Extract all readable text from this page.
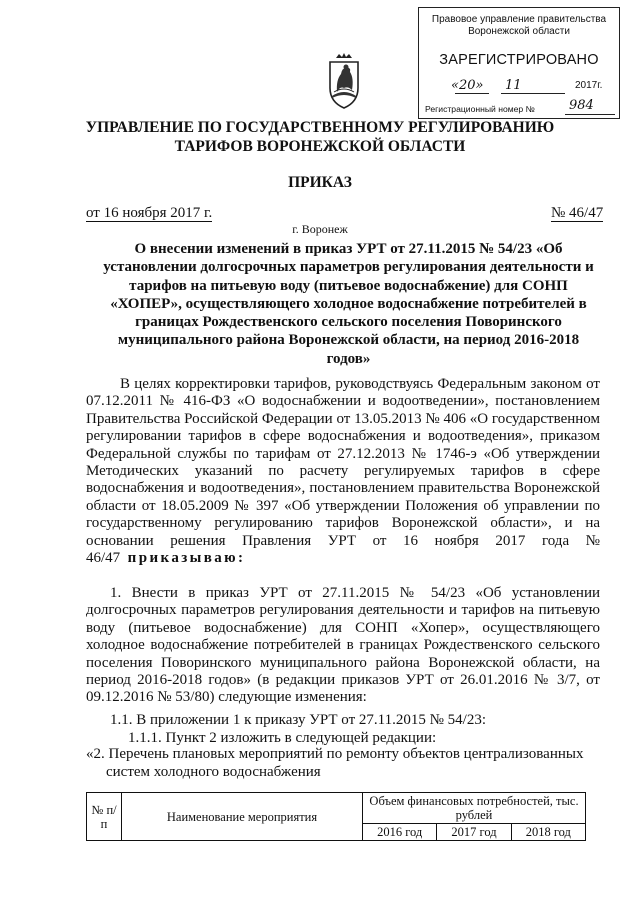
Правовое управление правительства
Воронежской области
ЗАРЕГИСТРИРОВАНО
«20» 11	2017г.
Регистрационный номер №	984
УПРАВЛЕНИЕ ПО ГОСУДАРСТВЕННОМУ РЕГУЛИРОВАНИЮ
ТАРИФОВ ВОРОНЕЖСКОЙ ОБЛАСТИ
ПРИКАЗ
от 16 ноября 2017 г.	№ 46/47
г. Воронеж
О внесении изменений в приказ УРТ от 27.11.2015 № 54/23 «Об установлении долгосрочных параметров регулирования деятельности и тарифов на питьевую воду (питьевое водоснабжение) для СОНП «ХОПЕР», осуществляющего холодное водоснабжение потребителей в границах Рождественского сельского поселения Поворинского муниципального района Воронежской области, на период 2016-2018 годов»
В целях корректировки тарифов, руководствуясь Федеральным законом от 07.12.2011 № 416-ФЗ «О водоснабжении и водоотведении», постановлением Правительства Российской Федерации от 13.05.2013 № 406 «О государственном регулировании тарифов в сфере водоснабжения и водоотведения», приказом Федеральной службы по тарифам от 27.12.2013 № 1746-э «Об утверждении Методических указаний по расчету регулируемых тарифов в сфере водоснабжения и водоотведения», постановлением правительства Воронежской области от 18.05.2009 № 397 «Об утверждении Положения об управлении по государственному регулированию тарифов Воронежской области», и на основании решения Правления УРТ от 16 ноября 2017 года № 46/47 приказываю:
1. Внести в приказ УРТ от 27.11.2015 № 54/23 «Об установлении долгосрочных параметров регулирования деятельности и тарифов на питьевую воду (питьевое водоснабжение) для СОНП «Хопер», осуществляющего холодное водоснабжение потребителей в границах Рождественского сельского поселения Поворинского муниципального района Воронежской области, на период 2016-2018 годов» (в редакции приказов УРТ от 26.01.2016 № 3/7, от 09.12.2016 № 53/80) следующие изменения:
1.1. В приложении 1 к приказу УРТ от 27.11.2015 № 54/23:
1.1.1. Пункт 2 изложить в следующей редакции:
«2. Перечень плановых мероприятий по ремонту объектов централизованных
систем холодного водоснабжения
№ п/п	Наименование мероприятия	Объем финансовых потребностей, тыс. рублей		
		2016 год	2017 год	2018 год
